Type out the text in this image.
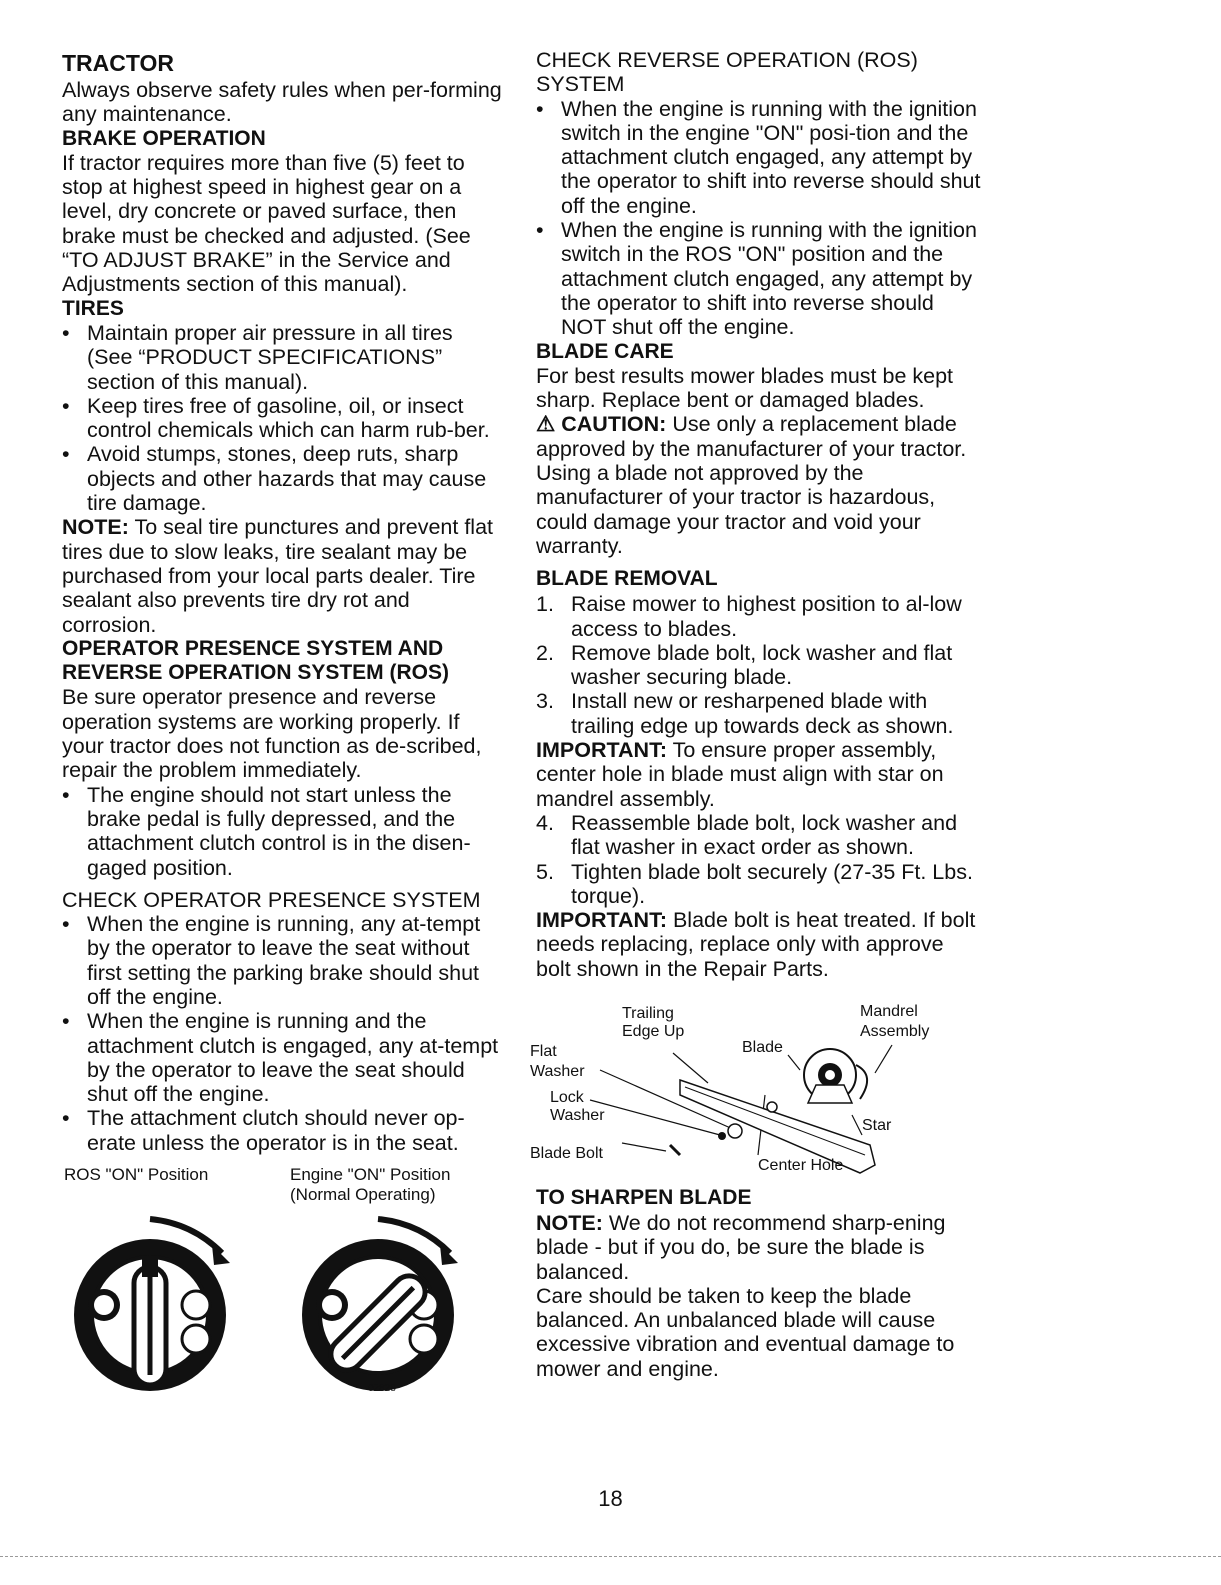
TRACTOR

Always observe safety rules when per-forming any maintenance.

BRAKE OPERATION

If tractor requires more than five (5) feet to stop at highest speed in highest gear on a level, dry concrete or paved surface, then brake must be checked and adjusted. (See “TO ADJUST BRAKE” in the Service and Adjustments section of this manual).

TIRES
• Maintain proper air pressure in all tires (See “PRODUCT SPECIFICATIONS” section of this manual).
• Keep tires free of gasoline, oil, or insect control chemicals which can harm rub-ber.
• Avoid stumps, stones, deep ruts, sharp objects and other hazards that may cause tire damage.

NOTE: To seal tire punctures and prevent flat tires due to slow leaks, tire sealant may be purchased from your local parts dealer. Tire sealant also prevents tire dry rot and corrosion.

OPERATOR PRESENCE SYSTEM AND REVERSE OPERATION SYSTEM (ROS)

Be sure operator presence and reverse operation systems are working properly. If your tractor does not function as de-scribed, repair the problem immediately.

• The engine should not start unless the brake pedal is fully depressed, and the attachment clutch control is in the disen-gaged position.
CHECK OPERATOR PRESENCE SYSTEM
• When the engine is running, any at-tempt by the operator to leave the seat without first setting the parking brake should shut off the engine.
• When the engine is running and the attachment clutch is engaged, any at-tempt by the operator to leave the seat should shut off the engine.
• The attachment clutch should never op-erate unless the operator is in the seat.
ROS "ON" Position	Engine "ON" Position
(Normal Operating)
02828
CHECK REVERSE OPERATION (ROS) SYSTEM
• When the engine is running with the ignition switch in the engine "ON" posi-tion and the attachment clutch engaged, any attempt by the operator to shift into reverse should shut off the engine.
• When the engine is running with the ignition switch in the ROS "ON" position and the attachment clutch engaged, any attempt by the operator to shift into reverse should NOT shut off the engine.
BLADE CARE

For best results mower blades must be kept sharp. Replace bent or damaged blades.

⚠ CAUTION: Use only a replacement blade approved by the manufacturer of your tractor. Using a blade not approved by the manufacturer of your tractor is hazardous, could damage your tractor and void your warranty.

BLADE REMOVAL
1. Raise mower to highest position to al-low access to blades.
2. Remove blade bolt, lock washer and flat washer securing blade.
3. Install new or resharpened blade with trailing edge up towards deck as shown.

IMPORTANT: To ensure proper assembly, center hole in blade must align with star on mandrel assembly.

4. Reassemble blade bolt, lock washer and flat washer in exact order as shown.
5. Tighten blade bolt securely (27-35 Ft. Lbs. torque).

IMPORTANT: Blade bolt is heat treated. If bolt needs replacing, replace only with approve bolt shown in the Repair Parts.

Trailing
Edge Up
Mandrel
Assembly
Flat
Washer
Blade
Lock
Washer
Star
Blade Bolt
Center Hole
TO SHARPEN BLADE

NOTE: We do not recommend sharp-ening blade - but if you do, be sure the blade is balanced.

Care should be taken to keep the blade balanced. An unbalanced blade will cause excessive vibration and eventual damage to mower and engine.

18
